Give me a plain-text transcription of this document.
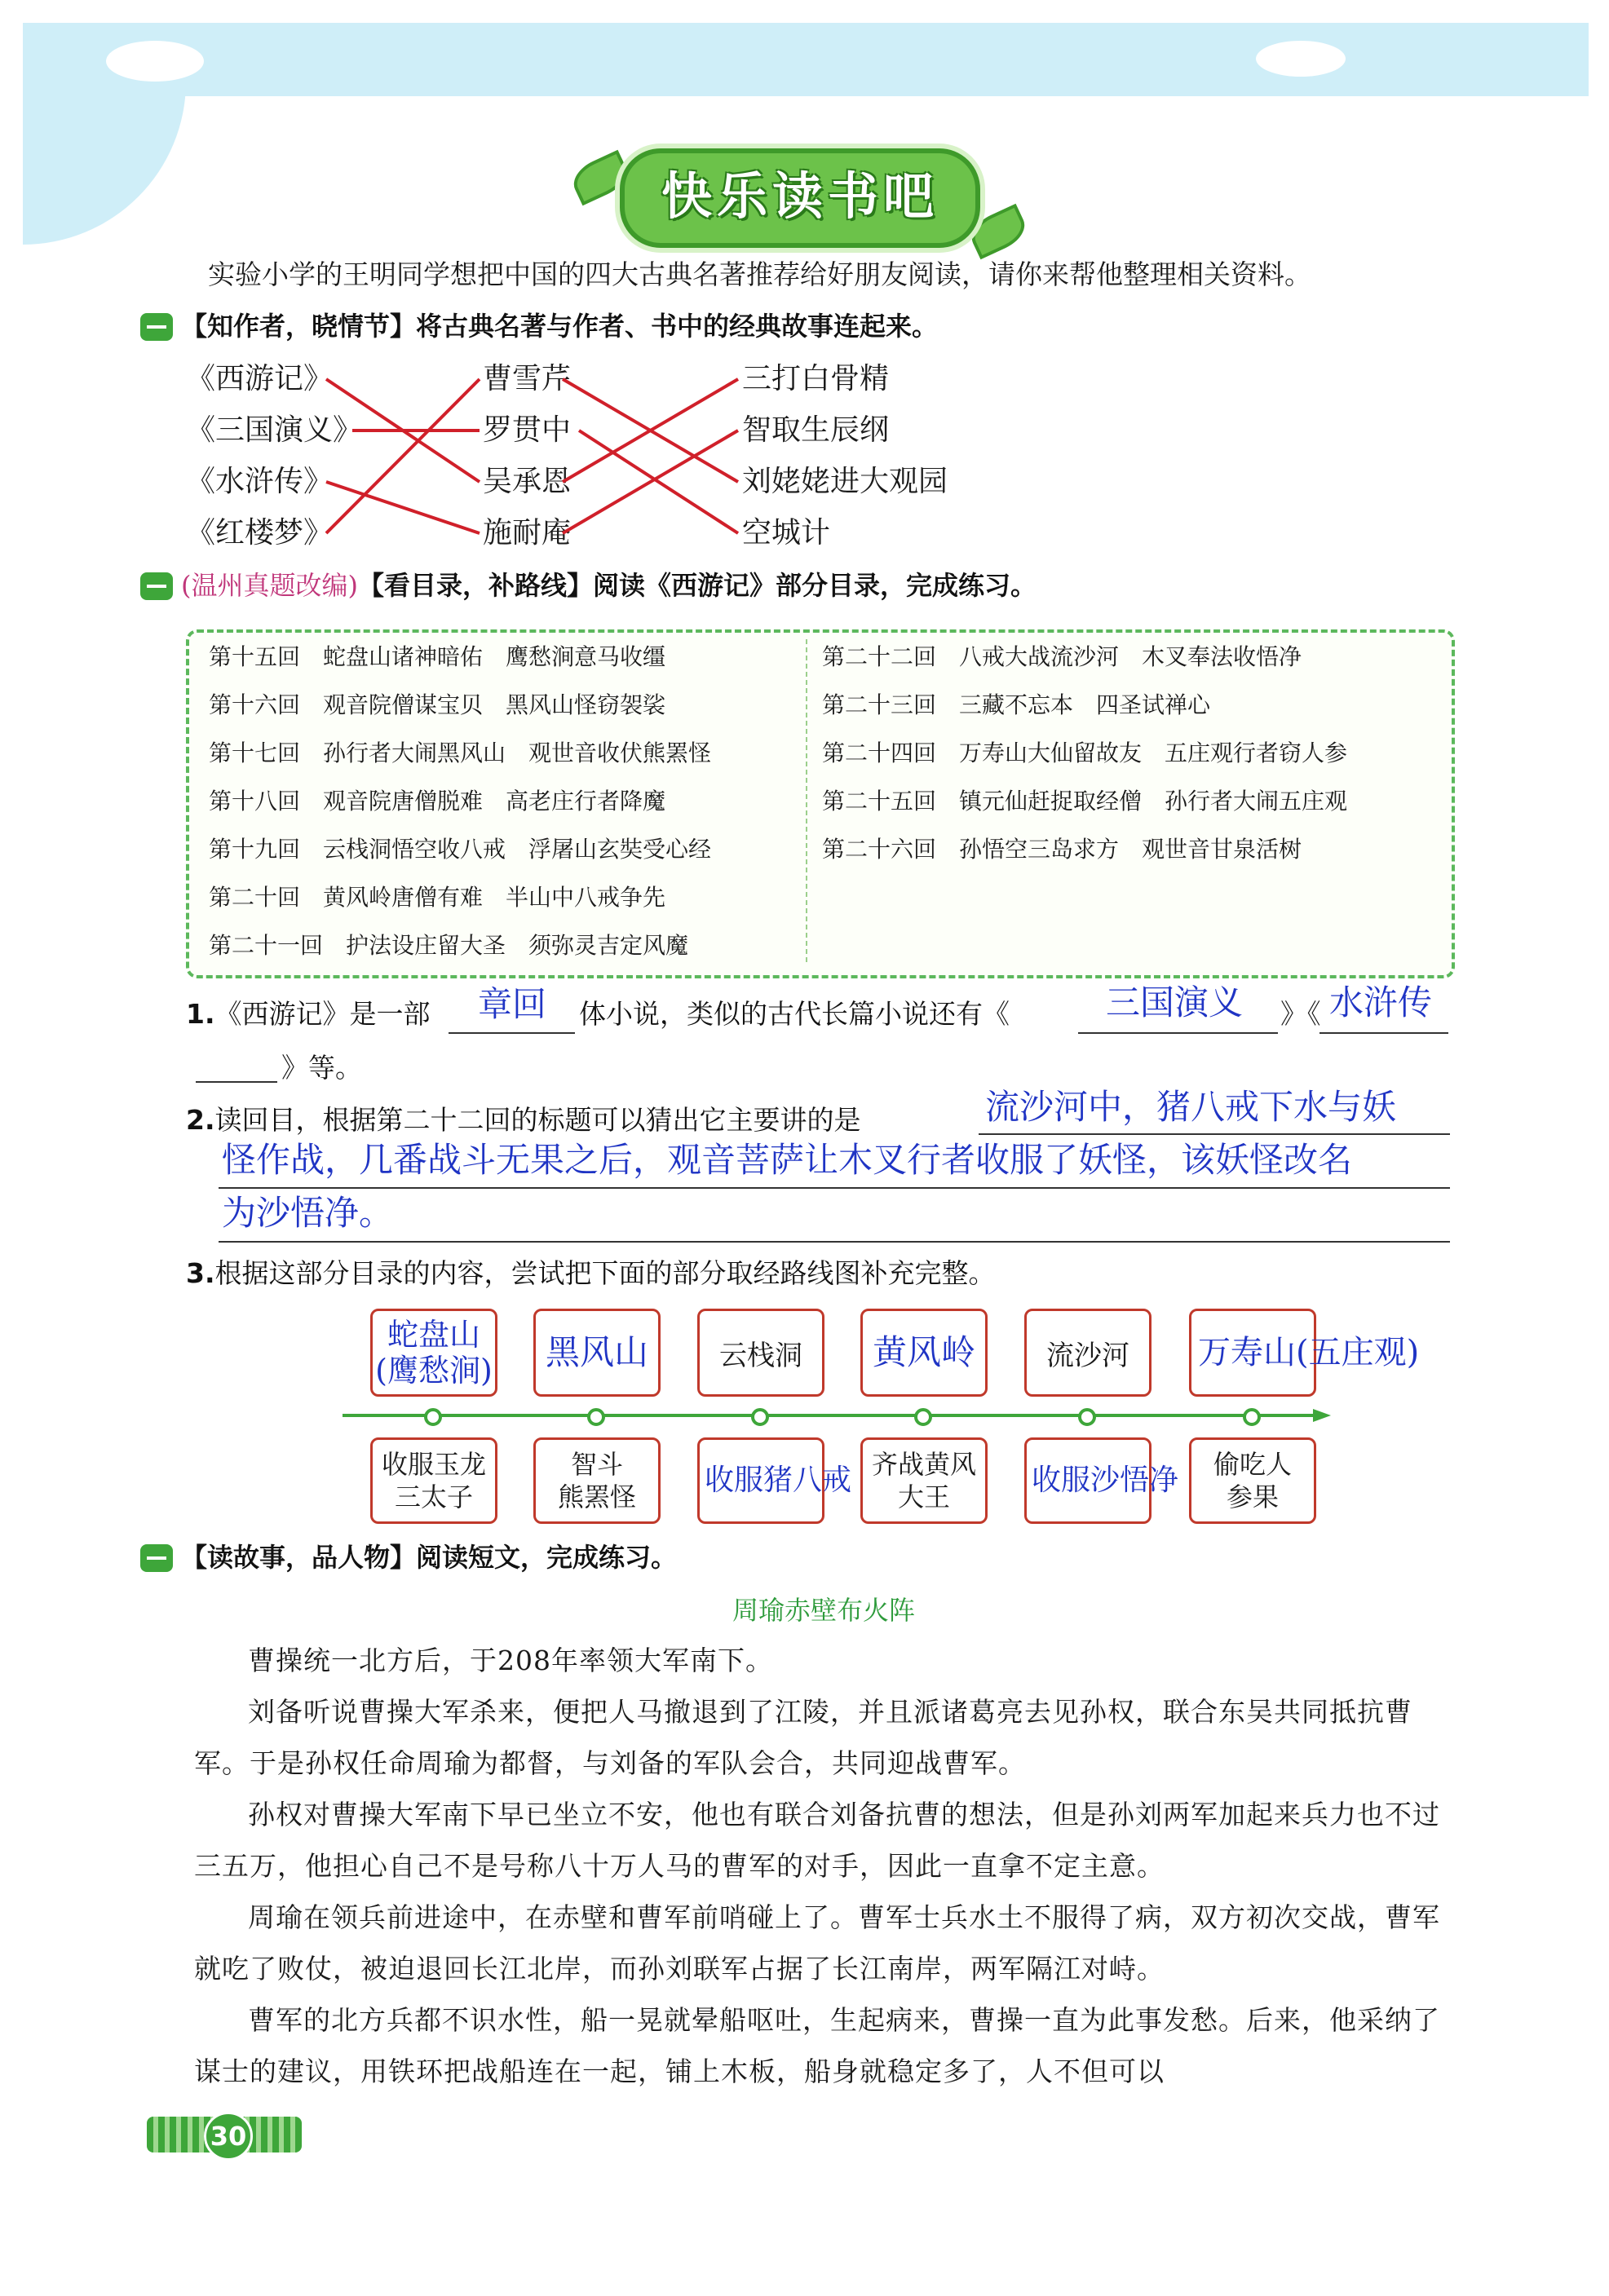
快乐读书吧
实验小学的王明同学想把中国的四大古典名著推荐给好朋友阅读，请你来帮他整理相关资料。
【知作者，晓情节】将古典名著与作者、书中的经典故事连起来。
《西游记》
《三国演义》
《水浒传》
《红楼梦》
曹雪芹
罗贯中
吴承恩
施耐庵
三打白骨精
智取生辰纲
刘姥姥进大观园
空城计
(温州真题改编)【看目录，补路线】阅读《西游记》部分目录，完成练习。
第十五回　蛇盘山诸神暗佑　鹰愁涧意马收缰
第十六回　观音院僧谋宝贝　黑风山怪窃袈裟
第十七回　孙行者大闹黑风山　观世音收伏熊罴怪
第十八回　观音院唐僧脱难　高老庄行者降魔
第十九回　云栈洞悟空收八戒　浮屠山玄奘受心经
第二十回　黄风岭唐僧有难　半山中八戒争先
第二十一回　护法设庄留大圣　须弥灵吉定风魔
第二十二回　八戒大战流沙河　木叉奉法收悟净
第二十三回　三藏不忘本　四圣试禅心
第二十四回　万寿山大仙留故友　五庄观行者窃人参
第二十五回　镇元仙赶捉取经僧　孙行者大闹五庄观
第二十六回　孙悟空三岛求方　观世音甘泉活树
1.《西游记》是一部	章回 体小说，类似的古代长篇小说还有《	三国演义 》《 水浒传
》等。
2.读回目，根据第二十二回的标题可以猜出它主要讲的是	流沙河中，猪八戒下水与妖
怪作战，几番战斗无果之后，观音菩萨让木叉行者收服了妖怪，该妖怪改名
为沙悟净。
3.根据这部分目录的内容，尝试把下面的部分取经路线图补充完整。
蛇盘山
(鹰愁涧) 黑风山	云栈洞 黄风岭	流沙河 万寿山(五庄观)
收服玉龙
三太子
智斗
熊罴怪 收服猪八戒 齐战黄风
大王	收服沙悟净 偷吃人
参果
【读故事，品人物】阅读短文，完成练习。
周瑜赤壁布火阵

曹操统一北方后，于208年率领大军南下。

刘备听说曹操大军杀来，便把人马撤退到了江陵，并且派诸葛亮去见孙权，联合东吴共同抵抗曹军。于是孙权任命周瑜为都督，与刘备的军队会合，共同迎战曹军。

孙权对曹操大军南下早已坐立不安，他也有联合刘备抗曹的想法，但是孙刘两军加起来兵力也不过三五万，他担心自己不是号称八十万人马的曹军的对手，因此一直拿不定主意。

周瑜在领兵前进途中，在赤壁和曹军前哨碰上了。曹军士兵水土不服得了病，双方初次交战，曹军就吃了败仗，被迫退回长江北岸，而孙刘联军占据了长江南岸，两军隔江对峙。

曹军的北方兵都不识水性，船一晃就晕船呕吐，生起病来，曹操一直为此事发愁。后来，他采纳了谋士的建议，用铁环把战船连在一起，铺上木板，船身就稳定多了，人不但可以

30
